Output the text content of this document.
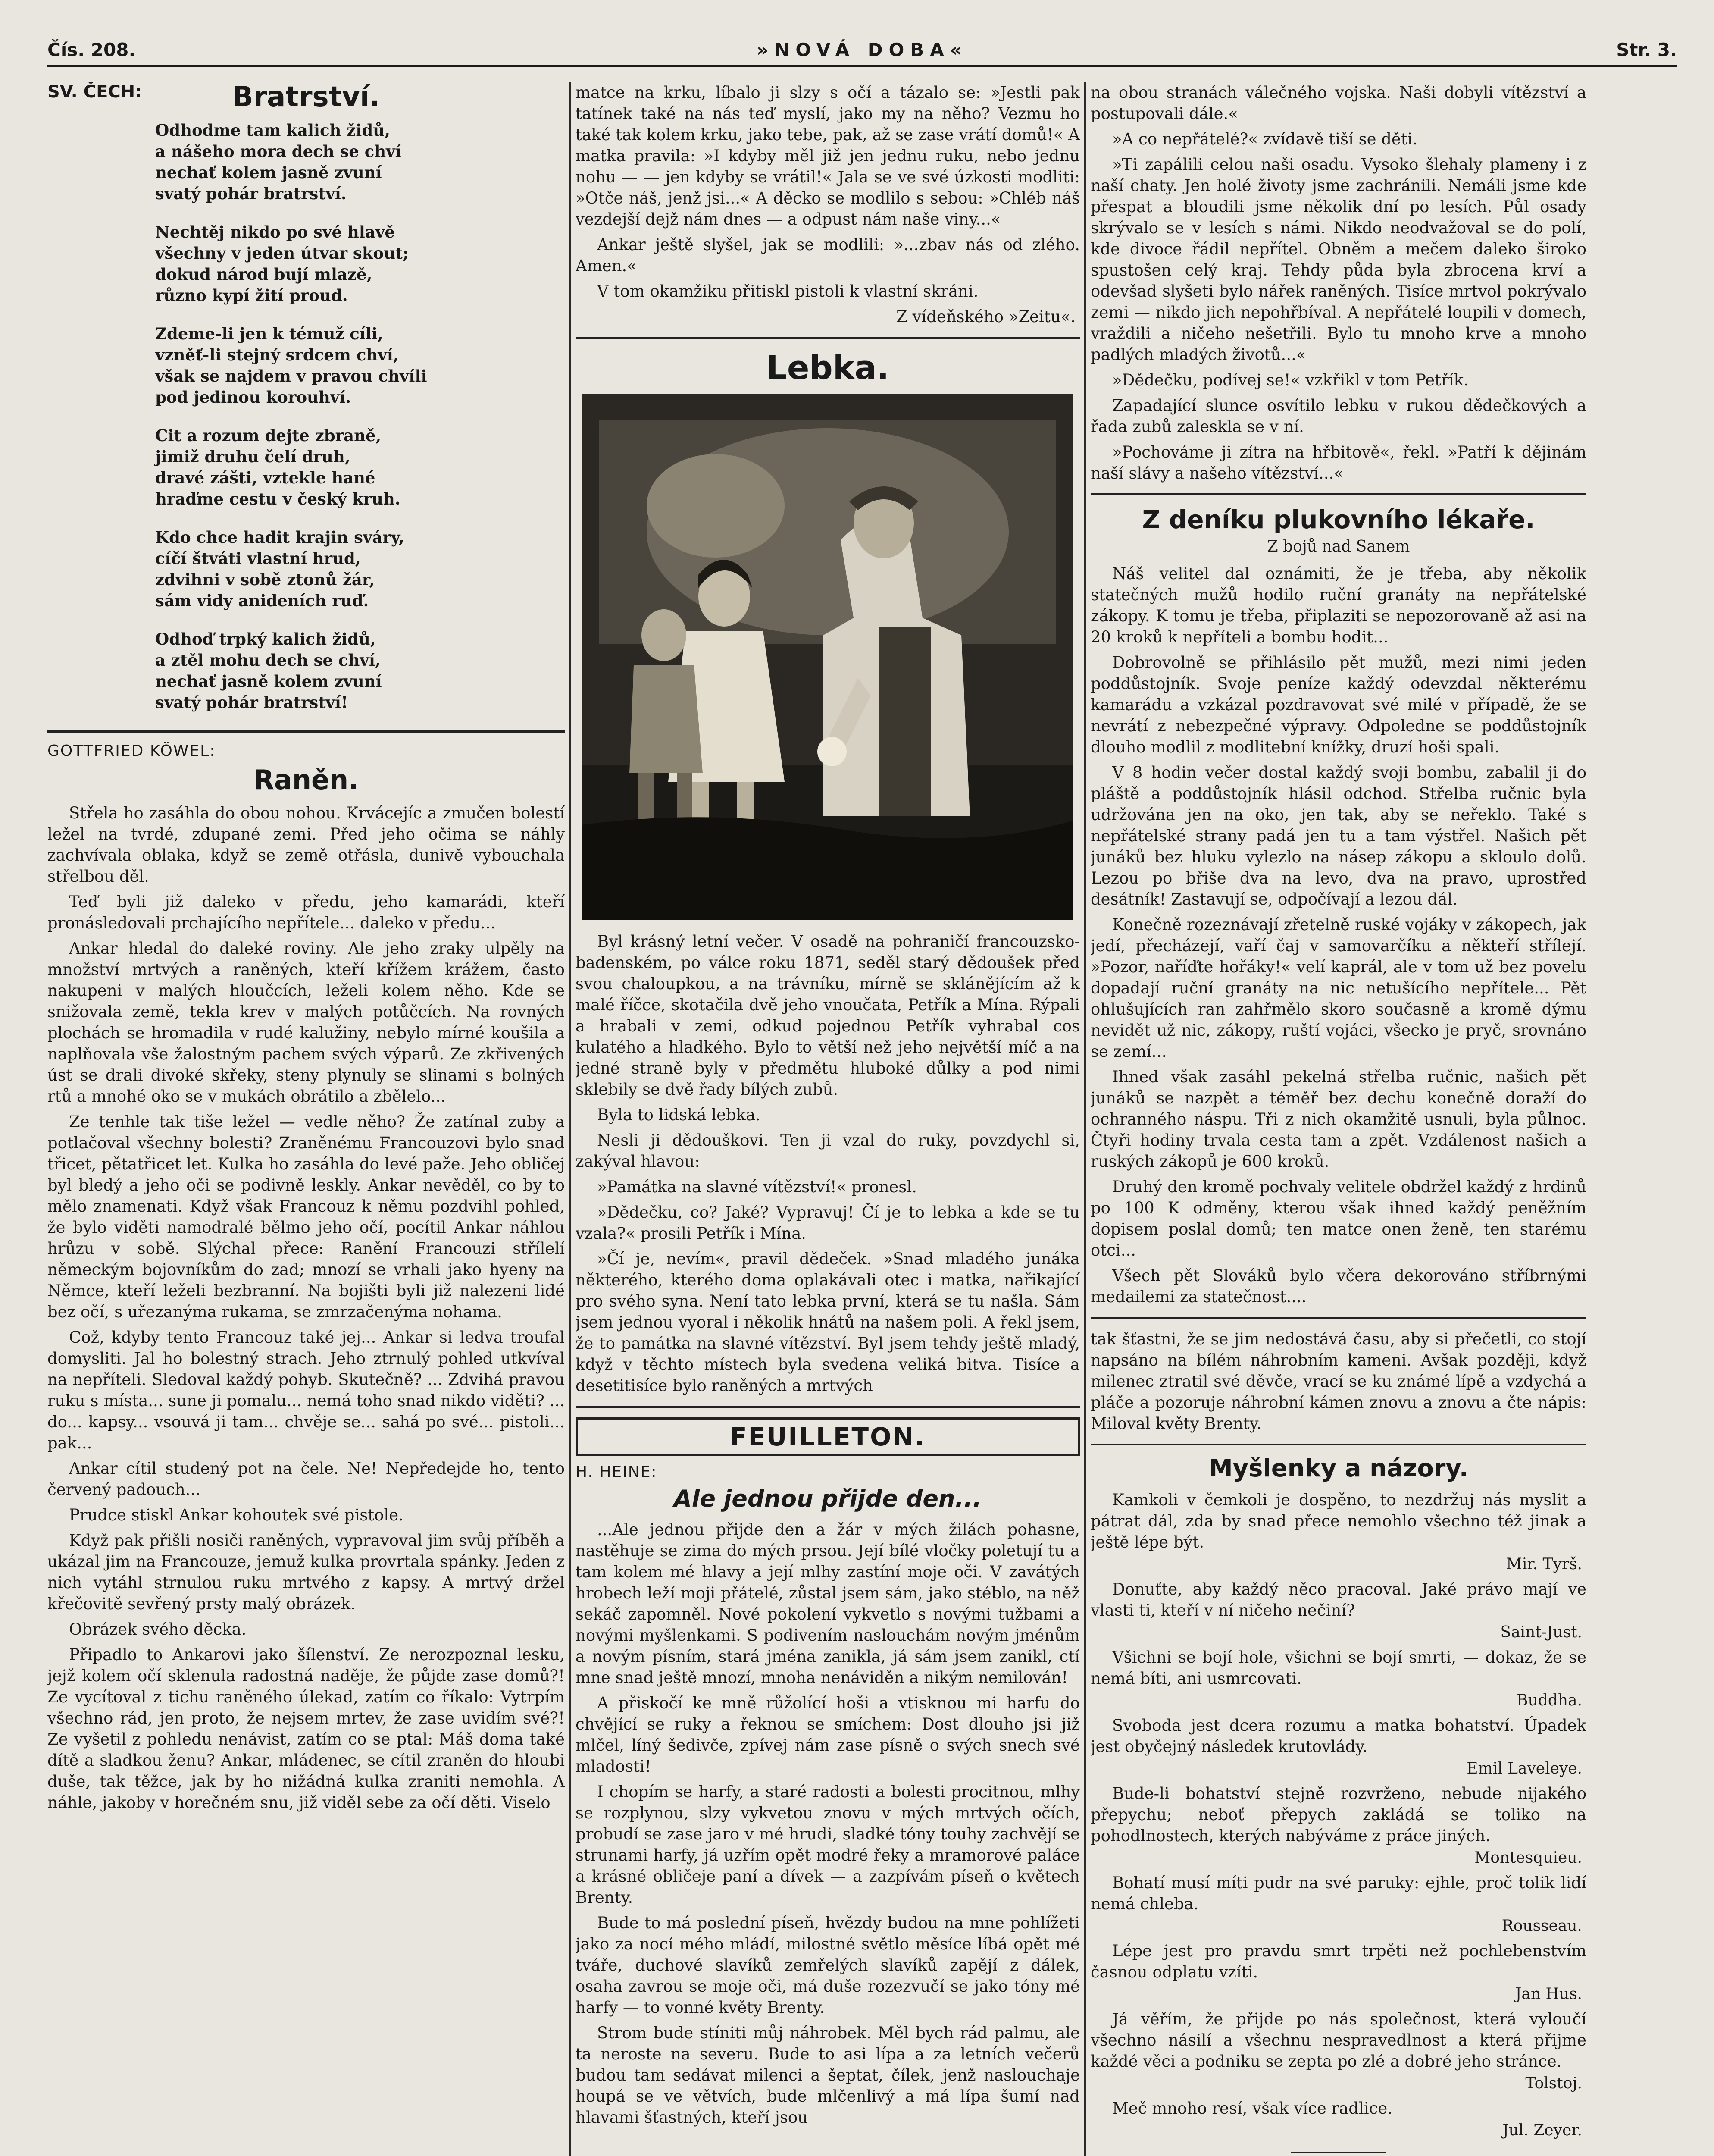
Čís. 208.	»NOVÁ DOBA«	Str. 3.
SV. ČECH:	Bratrství.
Odhodme tam kalich židů,
a nášeho mora dech se chví
nechať kolem jasně zvuní
svatý pohár bratrství.
Nechtěj nikdo po své hlavě
všechny v jeden útvar skout;
dokud národ bují mlazě,
různo kypí žití proud.
Zdeme-li jen k témuž cíli,
vzněť-li stejný srdcem chví,
však se najdem v pravou chvíli
pod jedinou korouhví.
Cit a rozum dejte zbraně,
jimiž druhu čelí druh,
dravé zášti, vztekle hané
hraďme cestu v český kruh.
Kdo chce hadit krajin sváry,
cíčí štváti vlastní hrud,
zdvihni v sobě ztonů žár,
sám vidy anideních ruď.
Odhoď trpký kalich židů,
a ztěl mohu dech se chví,
nechať jasně kolem zvuní
svatý pohár bratrství!
GOTTFRIED KÖWEL:
Raněn.

Střela ho zasáhla do obou nohou. Krvácejíc a zmučen bolestí ležel na tvrdé, zdupané zemi. Před jeho očima se náhly zachvívala oblaka, když se země otřásla, dunivě vybouchala střelbou děl.

Teď byli již daleko v předu, jeho kamarádi, kteří pronásledovali prchajícího nepřítele... daleko v předu...

Ankar hledal do daleké roviny. Ale jeho zraky ulpěly na množství mrtvých a raněných, kteří křížem krážem, často nakupeni v malých hloučcích, leželi kolem něho. Kde se snižovala země, tekla krev v malých potůčcích. Na rovných plochách se hromadila v rudé kalužiny, nebylo mírné koušila a naplňovala vše žalostným pachem svých výparů. Ze zkřivených úst se drali divoké skřeky, steny plynuly se slinami s bolných rtů a mnohé oko se v mukách obrátilo a zbělelo...

Ze tenhle tak tiše ležel — vedle něho? Že zatínal zuby a potlačoval všechny bolesti? Zraněnému Francouzovi bylo snad třicet, pětatřicet let. Kulka ho zasáhla do levé paže. Jeho obličej byl bledý a jeho oči se podivně leskly. Ankar nevěděl, co by to mělo znamenati. Když však Francouz k němu pozdvihl pohled, že bylo viděti namodralé bělmo jeho očí, pocítil Ankar náhlou hrůzu v sobě. Slýchal přece: Ranění Francouzi střílelí německým bojovníkům do zad; mnozí se vrhali jako hyeny na Němce, kteří leželi bezbranní. Na bojišti byli již nalezeni lidé bez očí, s uřezanýma rukama, se zmrzačenýma nohama.

Což, kdyby tento Francouz také jej... Ankar si ledva troufal domysliti. Jal ho bolestný strach. Jeho ztrnulý pohled utkvíval na nepříteli. Sledoval každý pohyb. Skutečně? ... Zdvihá pravou ruku s místa... sune ji pomalu... nemá toho snad nikdo viděti? ... do... kapsy... vsouvá ji tam... chvěje se... sahá po své... pistoli... pak...

Ankar cítil studený pot na čele. Ne! Nepředejde ho, tento červený padouch...

Prudce stiskl Ankar kohoutek své pistole.

Když pak přišli nosiči raněných, vypravoval jim svůj příběh a ukázal jim na Francouze, jemuž kulka provrtala spánky. Jeden z nich vytáhl strnulou ruku mrtvého z kapsy. A mrtvý držel křečovitě sevřený prsty malý obrázek.

Obrázek svého děcka.

Připadlo to Ankarovi jako šílenství. Ze nerozpoznal lesku, jejž kolem očí sklenula radostná naděje, že půjde zase domů?! Ze vycítoval z tichu raněného úlekad, zatím co říkalo: Vytrpím všechno rád, jen proto, že nejsem mrtev, že zase uvidím své?! Ze vyšetil z pohledu nenávist, zatím co se ptal: Máš doma také dítě a sladkou ženu? Ankar, mládenec, se cítil zraněn do hloubi duše, tak těžce, jak by ho nižádná kulka zraniti nemohla. A náhle, jakoby v horečném snu, již viděl sebe za očí děti. Viselo

matce na krku, líbalo ji slzy s očí a tázalo se: »Jestli pak tatínek také na nás teď myslí, jako my na něho? Vezmu ho také tak kolem krku, jako tebe, pak, až se zase vrátí domů!« A matka pravila: »I kdyby měl již jen jednu ruku, nebo jednu nohu — — jen kdyby se vrátil!« Jala se ve své úzkosti modliti: »Otče náš, jenž jsi...« A děcko se modlilo s sebou: »Chléb náš vezdejší dejž nám dnes — a odpust nám naše viny...«

Ankar ještě slyšel, jak se modlili: »...zbav nás od zlého. Amen.«

V tom okamžiku přitiskl pistoli k vlastní skráni.

Z vídeňského »Zeitu«.
Lebka.

Byl krásný letní večer. V osadě na pohraničí francouzsko-badenském, po válce roku 1871, seděl starý dědoušek před svou chaloupkou, a na trávníku, mírně se sklánějícím až k malé říčce, skotačila dvě jeho vnoučata, Petřík a Mína. Rýpali a hrabali v zemi, odkud pojednou Petřík vyhrabal cos kulatého a hladkého. Bylo to větší než jeho největší míč a na jedné straně byly v předmětu hluboké důlky a pod nimi sklebily se dvě řady bílých zubů.

Byla to lidská lebka.

Nesli ji dědouškovi. Ten ji vzal do ruky, povzdychl si, zakýval hlavou:

»Památka na slavné vítězství!« pronesl.

»Dědečku, co? Jaké? Vypravuj! Čí je to lebka a kde se tu vzala?« prosili Petřík i Mína.

»Čí je, nevím«, pravil dědeček. »Snad mladého junáka některého, kterého doma oplakávali otec i matka, nařikající pro svého syna. Není tato lebka první, která se tu našla. Sám jsem jednou vyoral i několik hnátů na našem poli. A řekl jsem, že to památka na slavné vítězství. Byl jsem tehdy ještě mladý, když v těchto místech byla svedena veliká bitva. Tisíce a desetitisíce bylo raněných a mrtvých

FEUILLETON.
H. HEINE:
Ale jednou přijde den...

...Ale jednou přijde den a žár v mých žilách pohasne, nastěhuje se zima do mých prsou. Její bílé vločky poletují tu a tam kolem mé hlavy a její mlhy zastíní moje oči. V zavátých hrobech leží moji přátelé, zůstal jsem sám, jako stéblo, na něž sekáč zapomněl. Nové pokolení vykvetlo s novými tužbami a novými myšlenkami. S podivením naslouchám novým jménům a novým písním, stará jména zanikla, já sám jsem zanikl, ctí mne snad ještě mnozí, mnoha nenáviděn a nikým nemilován!

A přiskočí ke mně růžolící hoši a vtisknou mi harfu do chvějící se ruky a řeknou se smíchem: Dost dlouho jsi již mlčel, líný šedivče, zpívej nám zase písně o svých snech své mladosti!

I chopím se harfy, a staré radosti a bolesti procitnou, mlhy se rozplynou, slzy vykvetou znovu v mých mrtvých očích, probudí se zase jaro v mé hrudi, sladké tóny touhy zachvějí se strunami harfy, já uzřím opět modré řeky a mramorové paláce a krásné obličeje paní a dívek — a zazpívám píseň o květech Brenty.

Bude to má poslední píseň, hvězdy budou na mne pohlížeti jako za nocí mého mládí, milostné světlo měsíce líbá opět mé tváře, duchové slavíků zemřelých slavíků zapějí z dálek, osaha zavrou se moje oči, má duše rozezvučí se jako tóny mé harfy — to vonné květy Brenty.

Strom bude stíniti můj náhrobek. Měl bych rád palmu, ale ta neroste na severu. Bude to asi lípa a za letních večerů budou tam sedávat milenci a šeptat, čílek, jenž naslouchaje houpá se ve větvích, bude mlčenlivý a má lípa šumí nad hlavami šťastných, kteří jsou

na obou stranách válečného vojska. Naši dobyli vítězství a postupovali dále.«

»A co nepřátelé?« zvídavě tiší se děti.

»Ti zapálili celou naši osadu. Vysoko šlehaly plameny i z naší chaty. Jen holé životy jsme zachránili. Nemáli jsme kde přespat a bloudili jsme několik dní po lesích. Půl osady skrývalo se v lesích s námi. Nikdo neodvažoval se do polí, kde divoce řádil nepřítel. Obněm a mečem daleko široko spustošen celý kraj. Tehdy půda byla zbrocena krví a odevšad slyšeti bylo nářek raněných. Tisíce mrtvol pokrývalo zemi — nikdo jich nepohřbíval. A nepřátelé loupili v domech, vraždili a ničeho nešetřili. Bylo tu mnoho krve a mnoho padlých mladých životů...«

»Dědečku, podívej se!« vzkřikl v tom Petřík.

Zapadající slunce osvítilo lebku v rukou dědečkových a řada zubů zaleskla se v ní.

»Pochováme ji zítra na hřbitově«, řekl. »Patří k dějinám naší slávy a našeho vítězství...«

Z deníku plukovního lékaře.
Z bojů nad Sanem

Náš velitel dal oznámiti, že je třeba, aby několik statečných mužů hodilo ruční granáty na nepřátelské zákopy. K tomu je třeba, připlaziti se nepozorovaně až asi na 20 kroků k nepříteli a bombu hodit...

Dobrovolně se přihlásilo pět mužů, mezi nimi jeden poddůstojník. Svoje peníze každý odevzdal některému kamarádu a vzkázal pozdravovat své milé v případě, že se nevrátí z nebezpečné výpravy. Odpoledne se poddůstojník dlouho modlil z modlitební knížky, druzí hoši spali.

V 8 hodin večer dostal každý svoji bombu, zabalil ji do pláště a poddůstojník hlásil odchod. Střelba ručnic byla udržována jen na oko, jen tak, aby se neřeklo. Také s nepřátelské strany padá jen tu a tam výstřel. Našich pět junáků bez hluku vylezlo na násep zákopu a skloulo dolů. Lezou po břiše dva na levo, dva na pravo, uprostřed desátník! Zastavují se, odpočívají a lezou dál.

Konečně rozeznávají zřetelně ruské vojáky v zákopech, jak jedí, přecházejí, vaří čaj v samovarčíku a někteří střílejí. »Pozor, naříďte hořáky!« velí kaprál, ale v tom už bez povelu dopadají ruční granáty na nic netušícího nepřítele... Pět ohlušujících ran zahřmělo skoro současně a kromě dýmu nevidět už nic, zákopy, ruští vojáci, všecko je pryč, srovnáno se zemí...

Ihned však zasáhl pekelná střelba ručnic, našich pět junáků se nazpět a téměř bez dechu konečně doraží do ochranného náspu. Tři z nich okamžitě usnuli, byla půlnoc. Čtyři hodiny trvala cesta tam a zpět. Vzdálenost našich a ruských zákopů je 600 kroků.

Druhý den kromě pochvaly velitele obdržel každý z hrdinů po 100 K odměny, kterou však ihned každý peněžním dopisem poslal domů; ten matce onen ženě, ten starému otci...

Všech pět Slováků bylo včera dekorováno stříbrnými medailemi za statečnost....

tak šťastni, že se jim nedostává času, aby si přečetli, co stojí napsáno na bílém náhrobním kameni. Avšak později, když milenec ztratil své děvče, vrací se ku známé lípě a vzdychá a pláče a pozoruje náhrobní kámen znovu a znovu a čte nápis: Miloval květy Brenty.

Myšlenky a názory.

Kamkoli v čemkoli je dospěno, to nezdržuj nás myslit a pátrat dál, zda by snad přece nemohlo všechno též jinak a ještě lépe být.

Mir. Tyrš.

Donuťte, aby každý něco pracoval. Jaké právo mají ve vlasti ti, kteří v ní ničeho nečiní?

Saint-Just.

Všichni se bojí hole, všichni se bojí smrti, — dokaz, že se nemá bíti, ani usmrcovati.

Buddha.

Svoboda jest dcera rozumu a matka bohatství. Úpadek jest obyčejný následek krutovlády.

Emil Laveleye.

Bude-li bohatství stejně rozvrženo, nebude nijakého přepychu; neboť přepych zakládá se toliko na pohodlnostech, kterých nabýváme z práce jiných.

Montesquieu.

Bohatí musí míti pudr na své paruky: ejhle, proč tolik lidí nemá chleba.

Rousseau.

Lépe jest pro pravdu smrt trpěti než pochlebenstvím časnou odplatu vzíti.

Jan Hus.

Já věřím, že přijde po nás společnost, která vyloučí všechno násilí a všechnu nespravedlnost a která přijme každé věci a podniku se zepta po zlé a dobré jeho stránce.

Tolstoj.

Meč mnoho resí, však více radlice.

Jul. Zeyer.
